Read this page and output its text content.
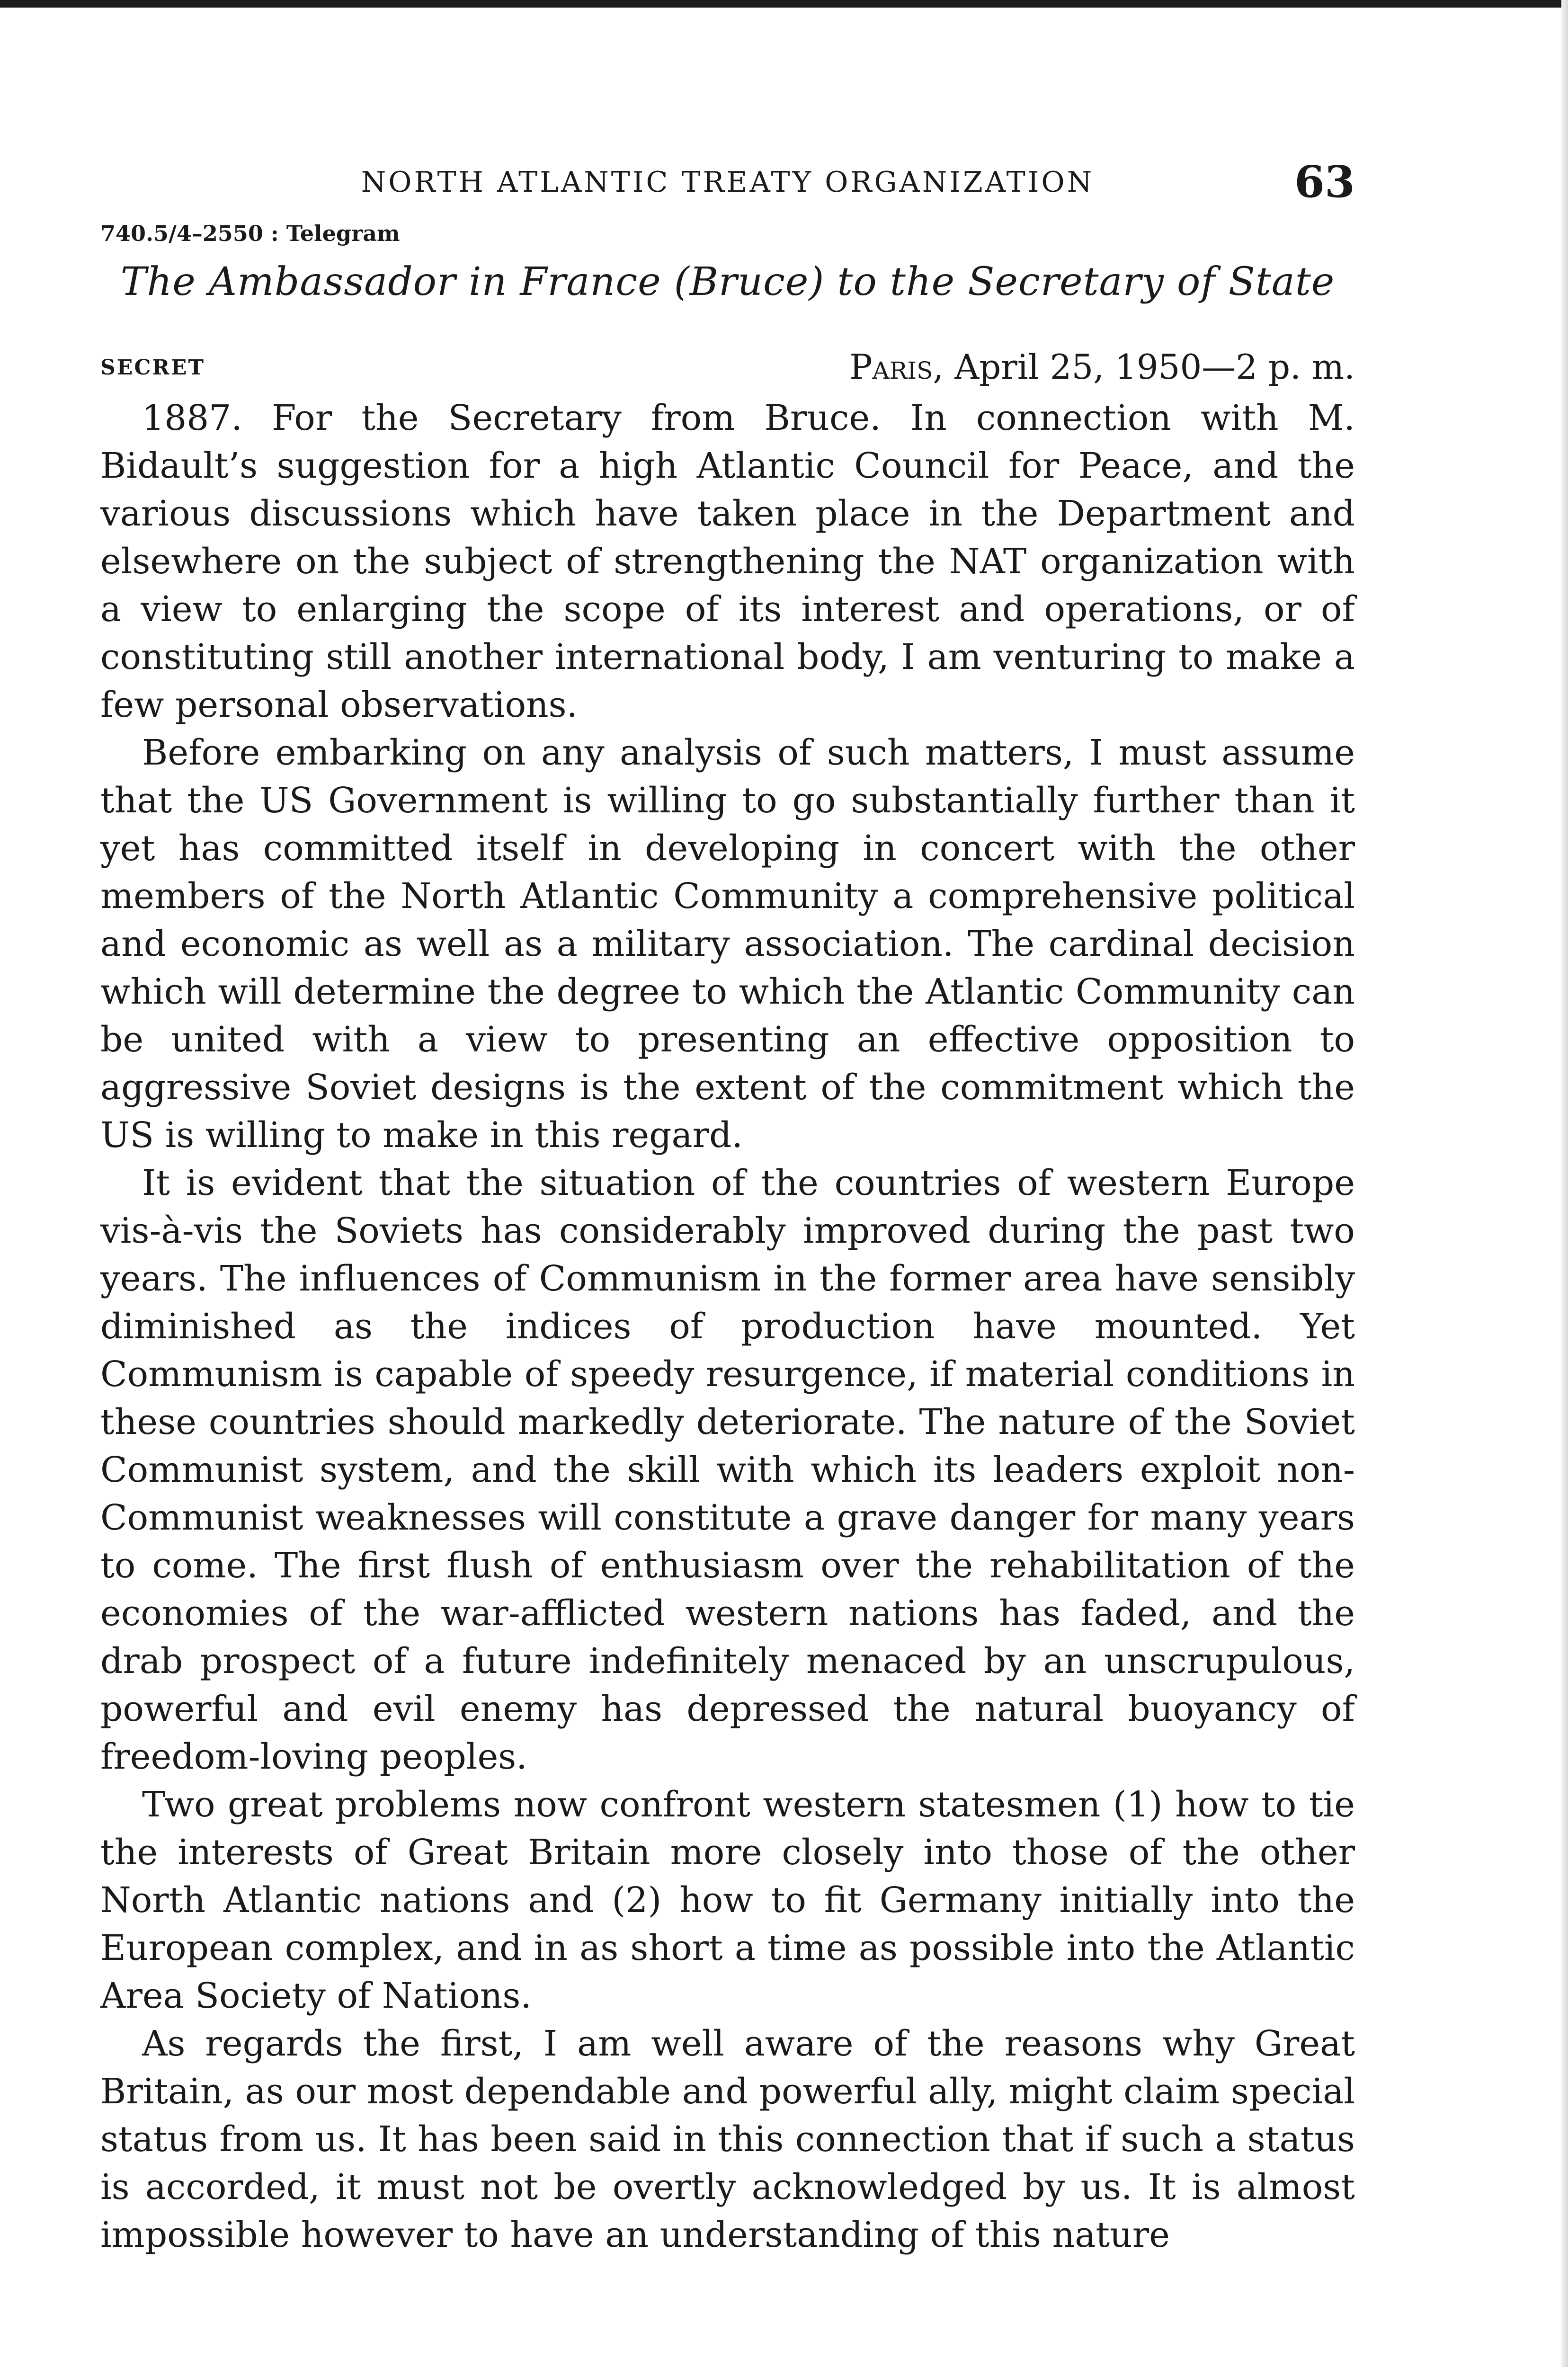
NORTH ATLANTIC TREATY ORGANIZATION	63
740.5/4–2550 : Telegram
The Ambassador in France (Bruce) to the Secretary of State
SECRET	Paris, April 25, 1950—2 p. m.

1887. For the Secretary from Bruce. In connection with M. Bidault’s suggestion for a high Atlantic Council for Peace, and the various discussions which have taken place in the Department and elsewhere on the subject of strengthening the NAT organization with a view to enlarging the scope of its interest and operations, or of constituting still another international body, I am venturing to make a few personal observations.

Before embarking on any analysis of such matters, I must assume that the US Government is willing to go substantially further than it yet has committed itself in developing in concert with the other members of the North Atlantic Community a comprehensive political and economic as well as a military association. The cardinal decision which will determine the degree to which the Atlantic Community can be united with a view to presenting an effective opposition to aggressive Soviet designs is the extent of the commitment which the US is willing to make in this regard.

It is evident that the situation of the countries of western Europe vis-à-vis the Soviets has considerably improved during the past two years. The influences of Communism in the former area have sensibly diminished as the indices of production have mounted. Yet Communism is capable of speedy resurgence, if material conditions in these countries should markedly deteriorate. The nature of the Soviet Communist system, and the skill with which its leaders exploit non-Communist weaknesses will constitute a grave danger for many years to come. The first flush of enthusiasm over the rehabilitation of the economies of the war-afflicted western nations has faded, and the drab prospect of a future indefinitely menaced by an unscrupulous, powerful and evil enemy has depressed the natural buoyancy of freedom-loving peoples.

Two great problems now confront western statesmen (1) how to tie the interests of Great Britain more closely into those of the other North Atlantic nations and (2) how to fit Germany initially into the European complex, and in as short a time as possible into the Atlantic Area Society of Nations.

As regards the first, I am well aware of the reasons why Great Britain, as our most dependable and powerful ally, might claim special status from us. It has been said in this connection that if such a status is accorded, it must not be overtly acknowledged by us. It is almost impossible however to have an understanding of this nature
